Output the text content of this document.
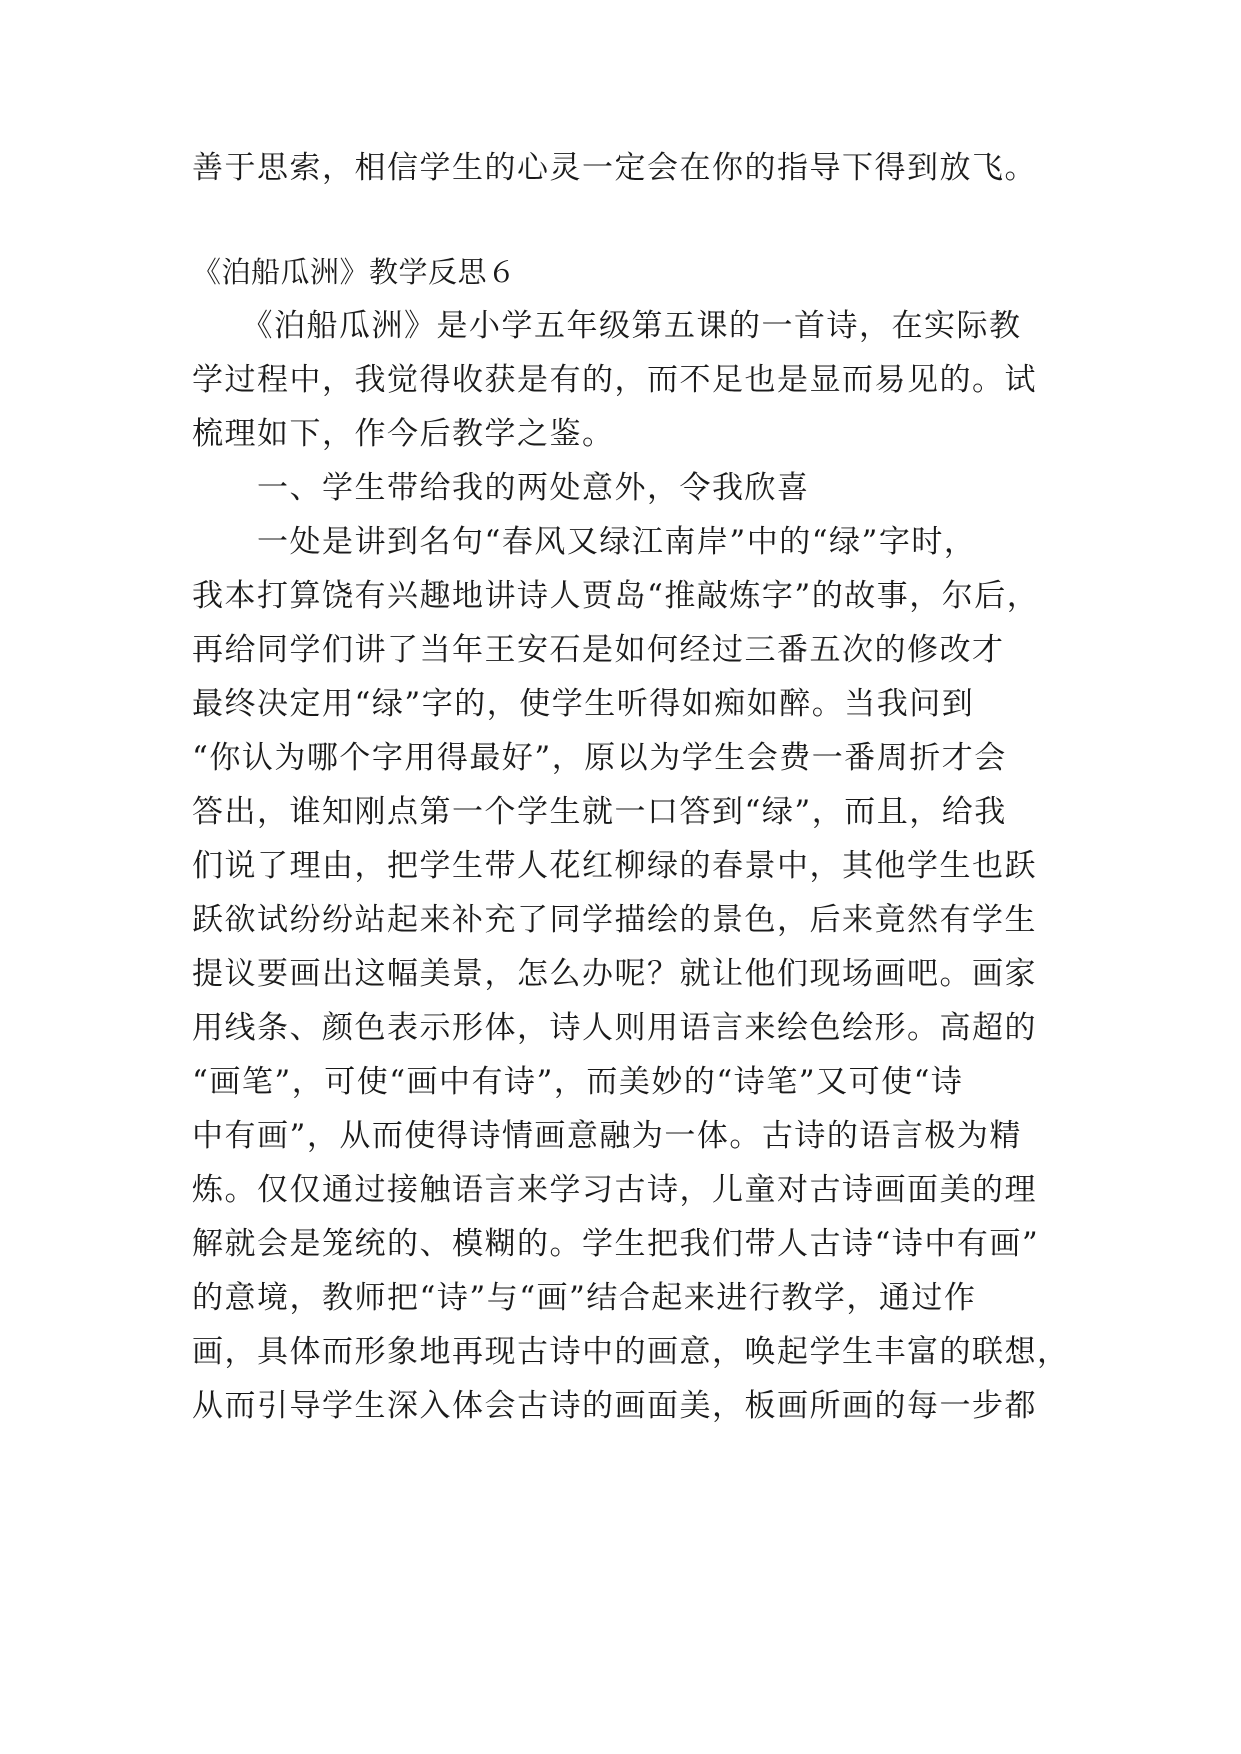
善于思索，相信学生的心灵一定会在你的指导下得到放飞。
《泊船瓜洲》教学反思６
　　《泊船瓜洲》是小学五年级第五课的一首诗，在实际教
学过程中，我觉得收获是有的，而不足也是显而易见的。试
梳理如下，作今后教学之鉴。
　　一、学生带给我的两处意外，令我欣喜
　　一处是讲到名句“春风又绿江南岸”中的“绿”字时，
我本打算饶有兴趣地讲诗人贾岛“推敲炼字”的故事，尔后，
再给同学们讲了当年王安石是如何经过三番五次的修改才
最终决定用“绿”字的，使学生听得如痴如醉。当我问到
“你认为哪个字用得最好”，原以为学生会费一番周折才会
答出，谁知刚点第一个学生就一口答到“绿”，而且，给我
们说了理由，把学生带人花红柳绿的春景中，其他学生也跃
跃欲试纷纷站起来补充了同学描绘的景色，后来竟然有学生
提议要画出这幅美景，怎么办呢？就让他们现场画吧。画家
用线条、颜色表示形体，诗人则用语言来绘色绘形。高超的
“画笔”，可使“画中有诗”，而美妙的“诗笔”又可使“诗
中有画”，从而使得诗情画意融为一体。古诗的语言极为精
炼。仅仅通过接触语言来学习古诗，儿童对古诗画面美的理
解就会是笼统的、模糊的。学生把我们带人古诗“诗中有画”
的意境，教师把“诗”与“画”结合起来进行教学，通过作
画，具体而形象地再现古诗中的画意，唤起学生丰富的联想，
从而引导学生深入体会古诗的画面美，板画所画的每一步都
